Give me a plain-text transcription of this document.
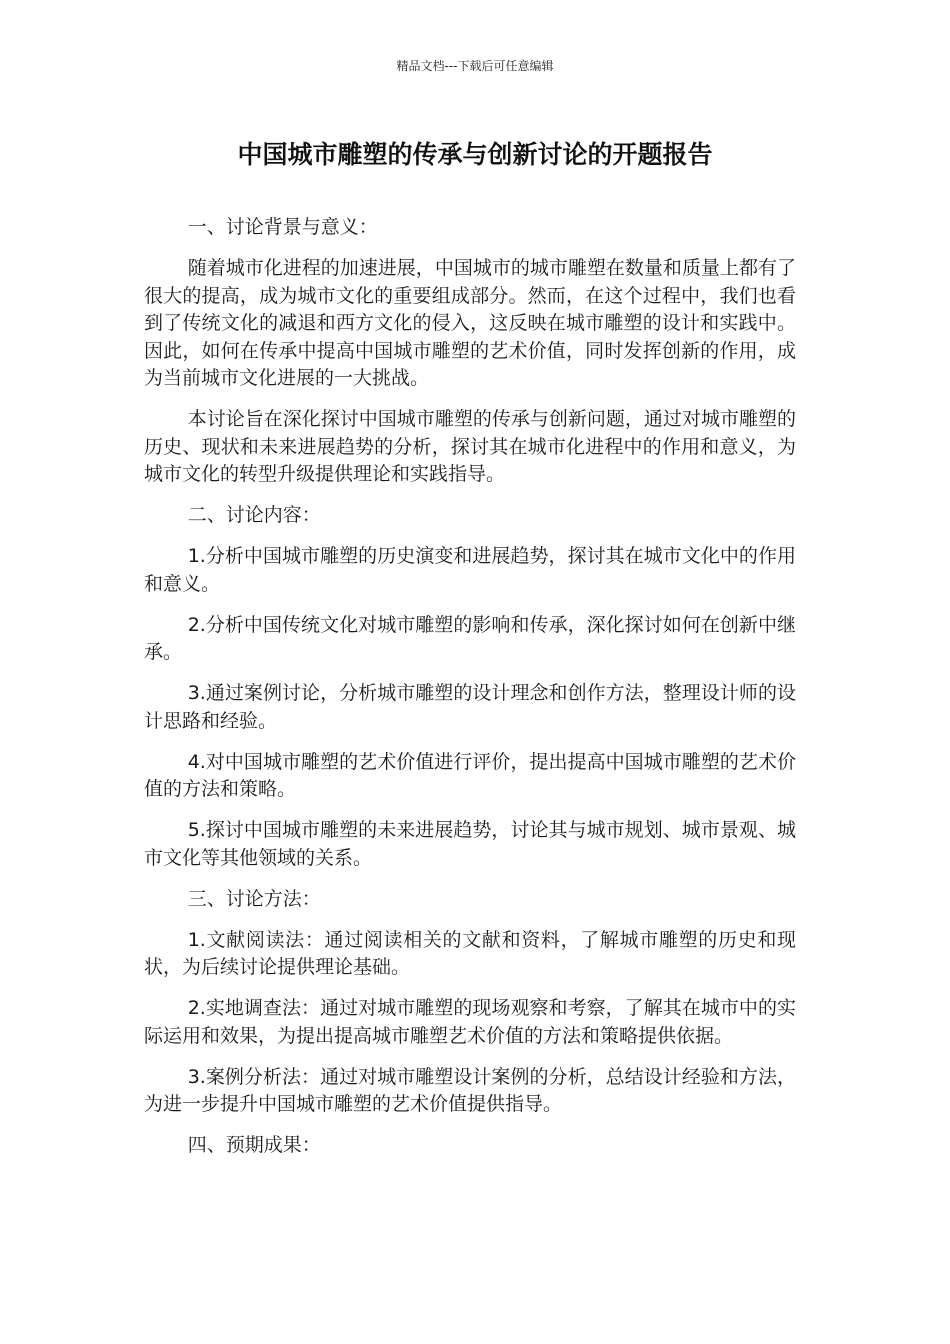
精品文档---下载后可任意编辑
中国城市雕塑的传承与创新讨论的开题报告

一、讨论背景与意义：

随着城市化进程的加速进展，中国城市的城市雕塑在数量和质量上都有了很大的提高，成为城市文化的重要组成部分。然而，在这个过程中，我们也看到了传统文化的减退和西方文化的侵入，这反映在城市雕塑的设计和实践中。因此，如何在传承中提高中国城市雕塑的艺术价值，同时发挥创新的作用，成为当前城市文化进展的一大挑战。

本讨论旨在深化探讨中国城市雕塑的传承与创新问题，通过对城市雕塑的历史、现状和未来进展趋势的分析，探讨其在城市化进程中的作用和意义，为城市文化的转型升级提供理论和实践指导。

二、讨论内容：

1.分析中国城市雕塑的历史演变和进展趋势，探讨其在城市文化中的作用和意义。

2.分析中国传统文化对城市雕塑的影响和传承，深化探讨如何在创新中继承。

3.通过案例讨论，分析城市雕塑的设计理念和创作方法，整理设计师的设计思路和经验。

4.对中国城市雕塑的艺术价值进行评价，提出提高中国城市雕塑的艺术价值的方法和策略。

5.探讨中国城市雕塑的未来进展趋势，讨论其与城市规划、城市景观、城市文化等其他领域的关系。

三、讨论方法：

1.文献阅读法：通过阅读相关的文献和资料，了解城市雕塑的历史和现状，为后续讨论提供理论基础。

2.实地调查法：通过对城市雕塑的现场观察和考察，了解其在城市中的实际运用和效果，为提出提高城市雕塑艺术价值的方法和策略提供依据。

3.案例分析法：通过对城市雕塑设计案例的分析，总结设计经验和方法，为进一步提升中国城市雕塑的艺术价值提供指导。

四、预期成果：
